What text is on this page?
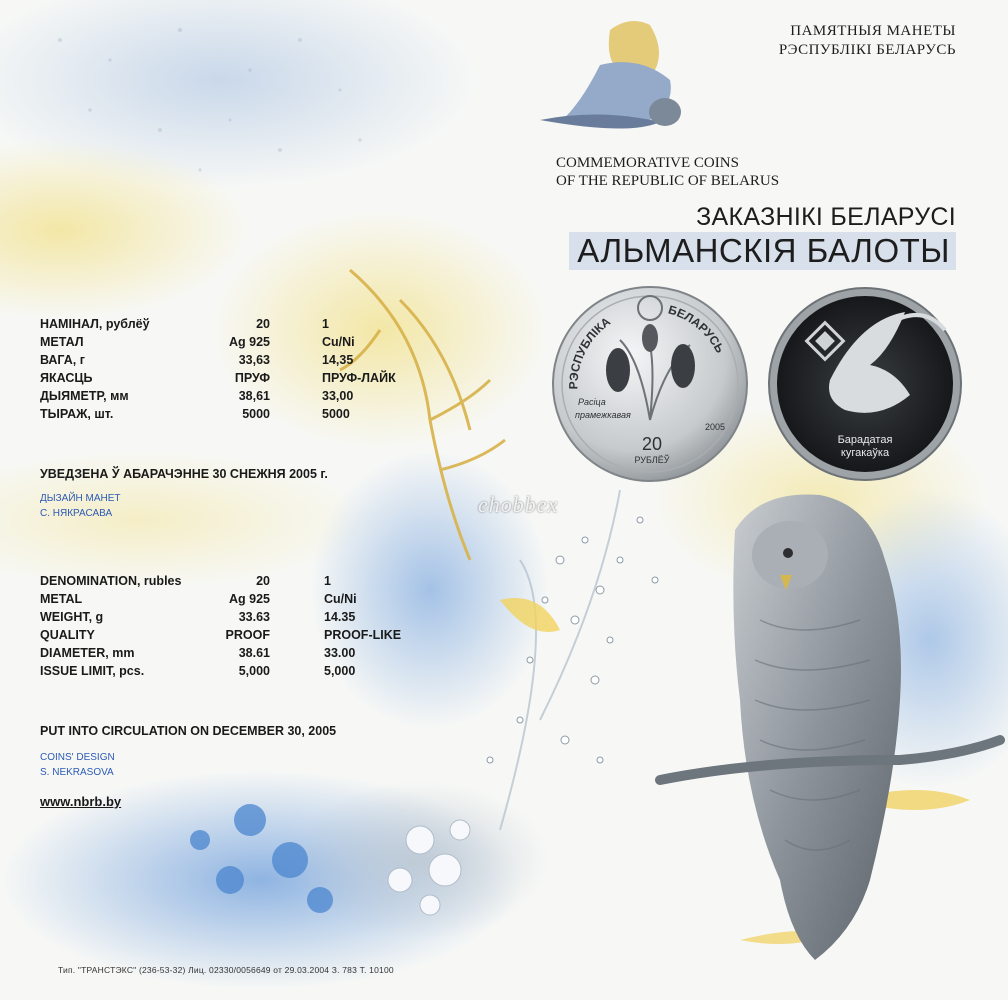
РЭСПУБЛІКА
БЕЛАРУСЬ
Расіца
прамежкавая
2005
20
РУБЛЁЎ
Барадатая
кугакаўка
ПАМЯТНЫЯ МАНЕТЫ
РЭСПУБЛІКІ БЕЛАРУСЬ
COMMEMORATIVE COINS
OF THE REPUBLIC OF BELARUS
ЗАКАЗНІКІ БЕЛАРУСІ
АЛЬМАНСКІЯ БАЛОТЫ
НАМІНАЛ, рублёў	20	1
МЕТАЛ	Ag 925	Cu/Ni
ВАГА, г	33,63	14,35
ЯКАСЦЬ	ПРУФ	ПРУФ-ЛАЙК
ДЫЯМЕТР, мм	38,61	33,00
ТЫРАЖ, шт.	5000	5000
УВЕДЗЕНА Ў АБАРАЧЭННЕ 30 СНЕЖНЯ 2005 г.
ДЫЗАЙН МАНЕТ
С. НЯКРАСАВА
DENOMINATION, rubles	20	1
METAL	Ag 925	Cu/Ni
WEIGHT, g	33.63	14.35
QUALITY	PROOF	PROOF-LIKE
DIAMETER, mm	38.61	33.00
ISSUE LIMIT, pcs.	5,000	5,000
PUT INTO CIRCULATION ON DECEMBER 30, 2005
COINS' DESIGN
S. NEKRASOVA
www.nbrb.by
ehobbex
Тип. "ТРАНСТЭКС" (236-53-32) Лиц. 02330/0056649 от 29.03.2004 З. 783 Т. 10100
